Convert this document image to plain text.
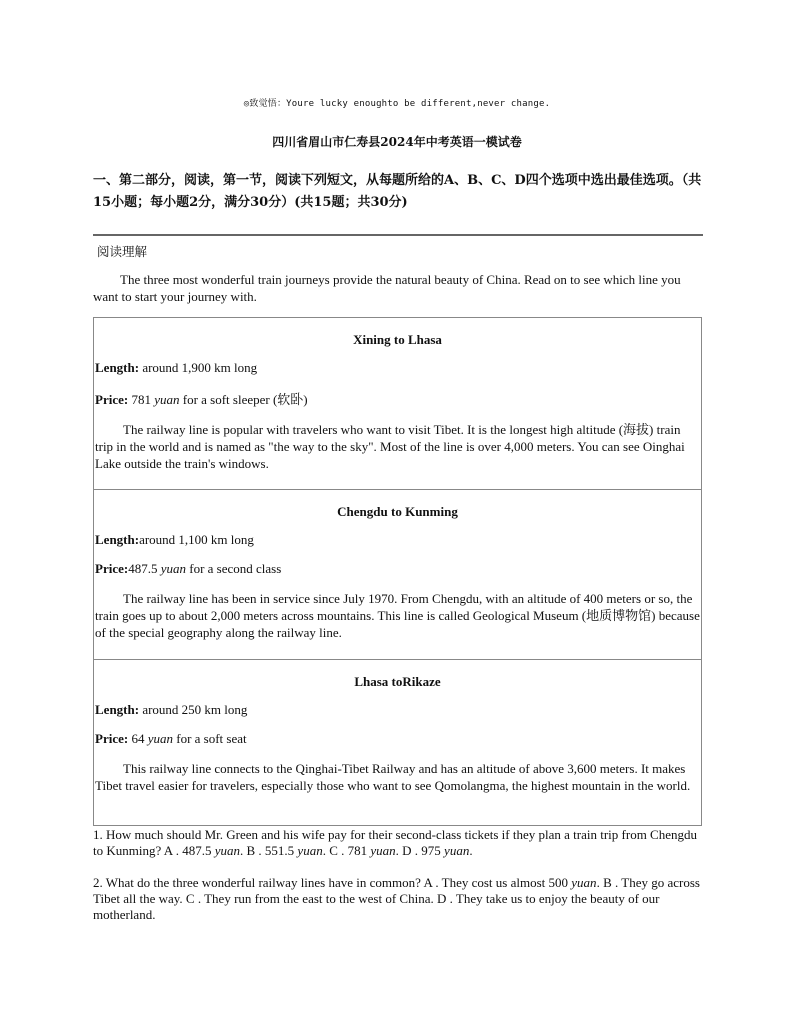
◎致觉悟：Youre lucky enoughto be different,never change.
四川省眉山市仁寿县2024年中考英语一模试卷
一、第二部分，阅读，第一节，阅读下列短文，从每题所给的A、B、C、D四个选项中选出最佳选项。（共15小题；每小题2分，满分30分）(共15题；共30分)
阅读理解
The three most wonderful train journeys provide the natural beauty of China. Read on to see which line you want to start your journey with.

Xining to Lhasa

Length: around 1,900 km long

Price: 781 yuan for a soft sleeper (软卧)

The railway line is popular with travelers who want to visit Tibet. It is the longest high altitude (海拔) train trip in the world and is named as "the way to the sky". Most of the line is over 4,000 meters. You can see Oinghai Lake outside the train's windows.

Chengdu to Kunming

Length:around 1,100 km long

Price:487.5 yuan for a second class

The railway line has been in service since July 1970. From Chengdu, with an altitude of 400 meters or so, the train goes up to about 2,000 meters across mountains. This line is called Geological Museum (地质博物馆) because of the special geography along the railway line.

Lhasa toRikaze

Length: around 250 km long

Price: 64 yuan for a soft seat

This railway line connects to the Qinghai-Tibet Railway and has an altitude of above 3,600 meters. It makes Tibet travel easier for travelers, especially those who want to see Qomolangma, the highest mountain in the world.

1. How much should Mr. Green and his wife pay for their second-class tickets if they plan a train trip from Chengdu to Kunming? A . 487.5 yuan. B . 551.5 yuan. C . 781 yuan. D . 975 yuan.
2. What do the three wonderful railway lines have in common? A . They cost us almost 500 yuan. B . They go across Tibet all the way. C . They run from the east to the west of China. D . They take us to enjoy the beauty of our motherland.
